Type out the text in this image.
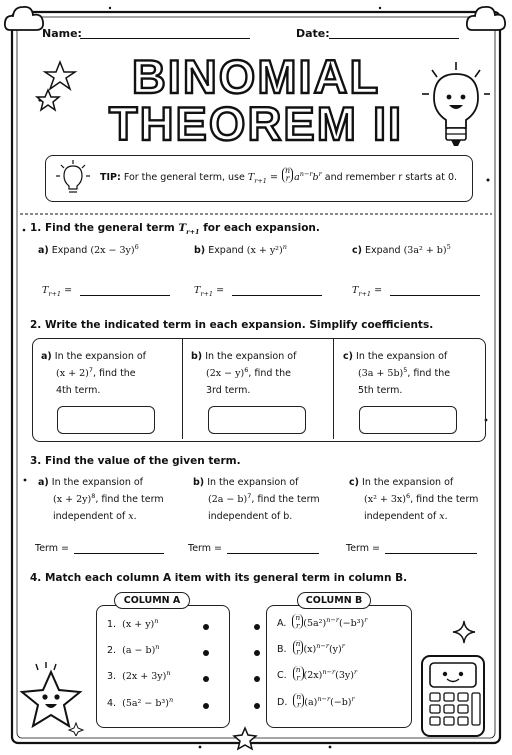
Name:	Date:
BINOMIAL
THEOREM II
TIP: For the general term, use $T_{r+1} = n$
r $a^{n-r}b^r$ and remember r starts at 0.
1. Find the general term $T_{r+1}$ for each expansion.
a) Expand $(2x - 3y)^6$	b) Expand $(x + y^2)^n$	c) Expand $(3a^2 + b)^5$
$T_{r+1}$ =	$T_{r+1}$ =	$T_{r+1}$ =
2. Write the indicated term in each expansion. Simplify coefficients.
a) In the expansion of
$(x + 2)^7$, find the
4th term.
b) In the expansion of
$(2x - y)^6$, find the
3rd term.
c) In the expansion of
$(3a + 5b)^5$, find the
5th term.
3. Find the value of the given term.
a) In the expansion of
$(x + 2y)^8$, find the term
independent of x.
b) In the expansion of
$(2a - b)^7$, find the term
independent of b.
c) In the expansion of
$(x^2 + 3x)^6$, find the term
independent of x.
Term =	Term =	Term =
4. Match each column A item with its general term in column B.
COLUMN A	COLUMN B
1. $(x + y)^n$
2. $(a - b)^n$
3. $(2x + 3y)^n$
4. $(5a^2 - b^3)^n$
A.  n
r $(5a^2)^{n-r}(-b^3)^r$
B.  n
r $(x)^{n-r}(y)^r$
C.  n
r $(2x)^{n-r}(3y)^r$
D.  n
r $(a)^{n-r}(-b)^r$
